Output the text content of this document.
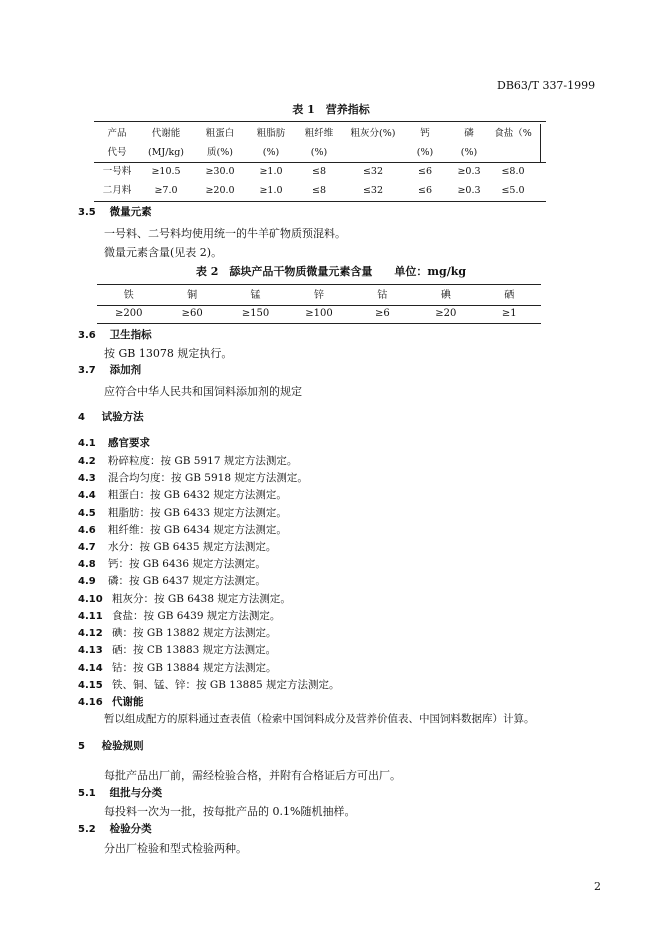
DB63/T 337-1999
表 1　营养指标
产品	代谢能	粗蛋白	粗脂肪	粗纤维	粗灰分(%)	钙	磷	食盐（%
代号	(MJ/kg)	质(%)	(%)	(%)		(%)	(%)	
一号料	≥10.5	≥30.0	≥1.0	≤8	≤32	≤6	≥0.3	≤8.0
二月料	≥7.0	≥20.0	≥1.0	≤8	≤32	≤6	≥0.3	≤5.0
3.5 微量元素
一号料、二号料均使用统一的牛羊矿物质预混料。
微量元素含量(见表 2)。
表 2　舔块产品干物质微量元素含量　　单位：mg/kg
铁	铜	锰	锌	钴	碘	硒
≥200	≥60	≥150	≥100	≥6	≥20	≥1
3.6 卫生指标
按 GB 13078 规定执行。
3.7 添加剂
应符合中华人民共和国饲料添加剂的规定
4 试验方法
4.1 感官要求
4.2 粉碎粒度：按 GB 5917 规定方法测定。
4.3 混合均匀度：按 GB 5918 规定方法测定。
4.4 粗蛋白：按 GB 6432 规定方法测定。
4.5 粗脂肪：按 GB 6433 规定方法测定。
4.6 粗纤维：按 GB 6434 规定方法测定。
4.7 水分：按 GB 6435 规定方法测定。
4.8 钙：按 GB 6436 规定方法测定。
4.9 磷：按 GB 6437 规定方法测定。
4.10 粗灰分：按 GB 6438 规定方法测定。
4.11 食盐：按 GB 6439 规定方法测定。
4.12 碘：按 GB 13882 规定方法测定。
4.13 硒：按 CB 13883 规定方法测定。
4.14 钴：按 GB 13884 规定方法测定。
4.15 铁、铜、锰、锌：按 GB 13885 规定方法测定。
4.16 代谢能
暂以组成配方的原料通过查表值（检索中国饲料成分及营养价值表、中国饲料数据库）计算。
5 检验规则
每批产品出厂前，需经检验合格，并附有合格证后方可出厂。
5.1 组批与分类
每投料一次为一批，按每批产品的 0.1%随机抽样。
5.2 检验分类
分出厂检验和型式检验两种。
2
